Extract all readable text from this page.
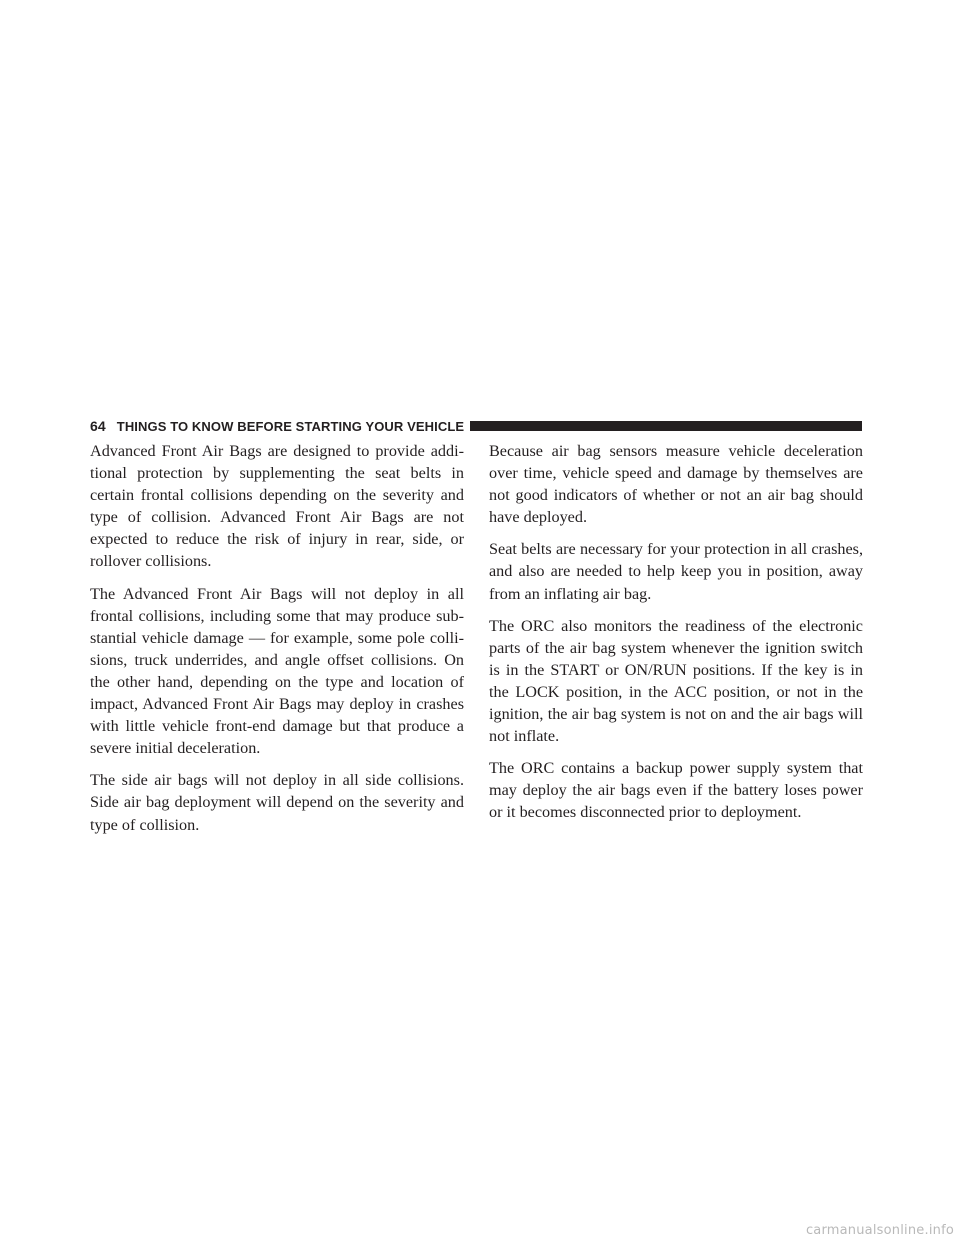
64 THINGS TO KNOW BEFORE STARTING YOUR VEHICLE

Advanced Front Air Bags are designed to provide additional protection by supplementing the seat belts in certain frontal collisions depending on the severity and type of collision. Advanced Front Air Bags are not expected to reduce the risk of injury in rear, side, or rollover collisions.

The Advanced Front Air Bags will not deploy in all frontal collisions, including some that may produce substantial vehicle damage — for example, some pole collisions, truck underrides, and angle offset collisions. On the other hand, depending on the type and location of impact, Advanced Front Air Bags may deploy in crashes with little vehicle front-end damage but that produce a severe initial deceleration.

The side air bags will not deploy in all side collisions. Side air bag deployment will depend on the severity and type of collision.

Because air bag sensors measure vehicle deceleration over time, vehicle speed and damage by themselves are not good indicators of whether or not an air bag should have deployed.

Seat belts are necessary for your protection in all crashes, and also are needed to help keep you in position, away from an inflating air bag.

The ORC also monitors the readiness of the electronic parts of the air bag system whenever the ignition switch is in the START or ON/RUN positions. If the key is in the LOCK position, in the ACC position, or not in the ignition, the air bag system is not on and the air bags will not inflate.

The ORC contains a backup power supply system that may deploy the air bags even if the battery loses power or it becomes disconnected prior to deployment.

carmanualsonline.info
